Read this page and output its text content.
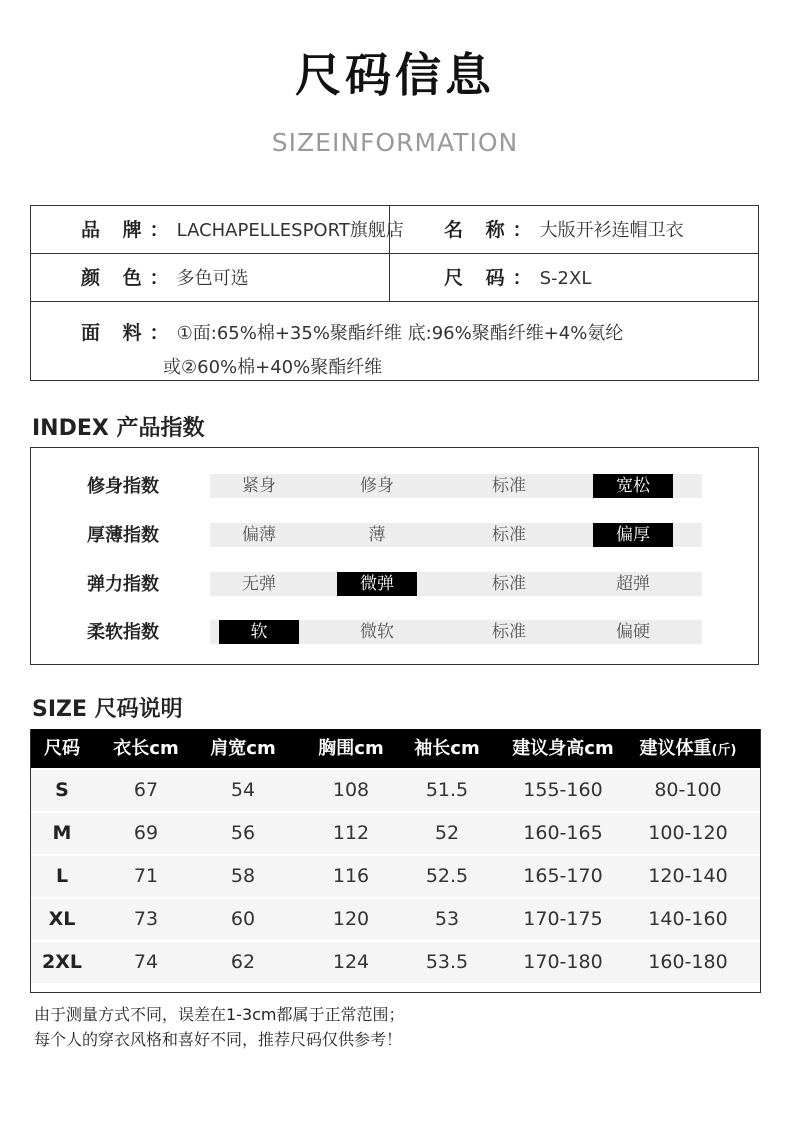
尺码信息
SIZEINFORMATION
品 牌：LACHAPELLESPORT旗舰店 名 称：大版开衫连帽卫衣
颜 色：多色可选	尺 码：S-2XL
面 料：①面:65%棉+35%聚酯纤维 底:96%聚酯纤维+4%氨纶
或②60%棉+40%聚酯纤维
INDEX 产品指数
修身指数	紧身	修身	标准	宽松
厚薄指数	偏薄	薄	标准	偏厚
弹力指数	无弹	微弹	标准	超弹
柔软指数	软	微软	标准	偏硬
SIZE 尺码说明
尺码	衣长cm	肩宽cm	胸围cm	袖长cm	建议身高cm	建议体重(斤)
S	67	54	108	51.5	155-160	80-100
M	69	56	112	52	160-165	100-120
L	71	58	116	52.5	165-170	120-140
XL	73	60	120	53	170-175	140-160
2XL	74	62	124	53.5	170-180	160-180
由于测量方式不同，误差在1-3cm都属于正常范围；
每个人的穿衣风格和喜好不同，推荐尺码仅供参考！
